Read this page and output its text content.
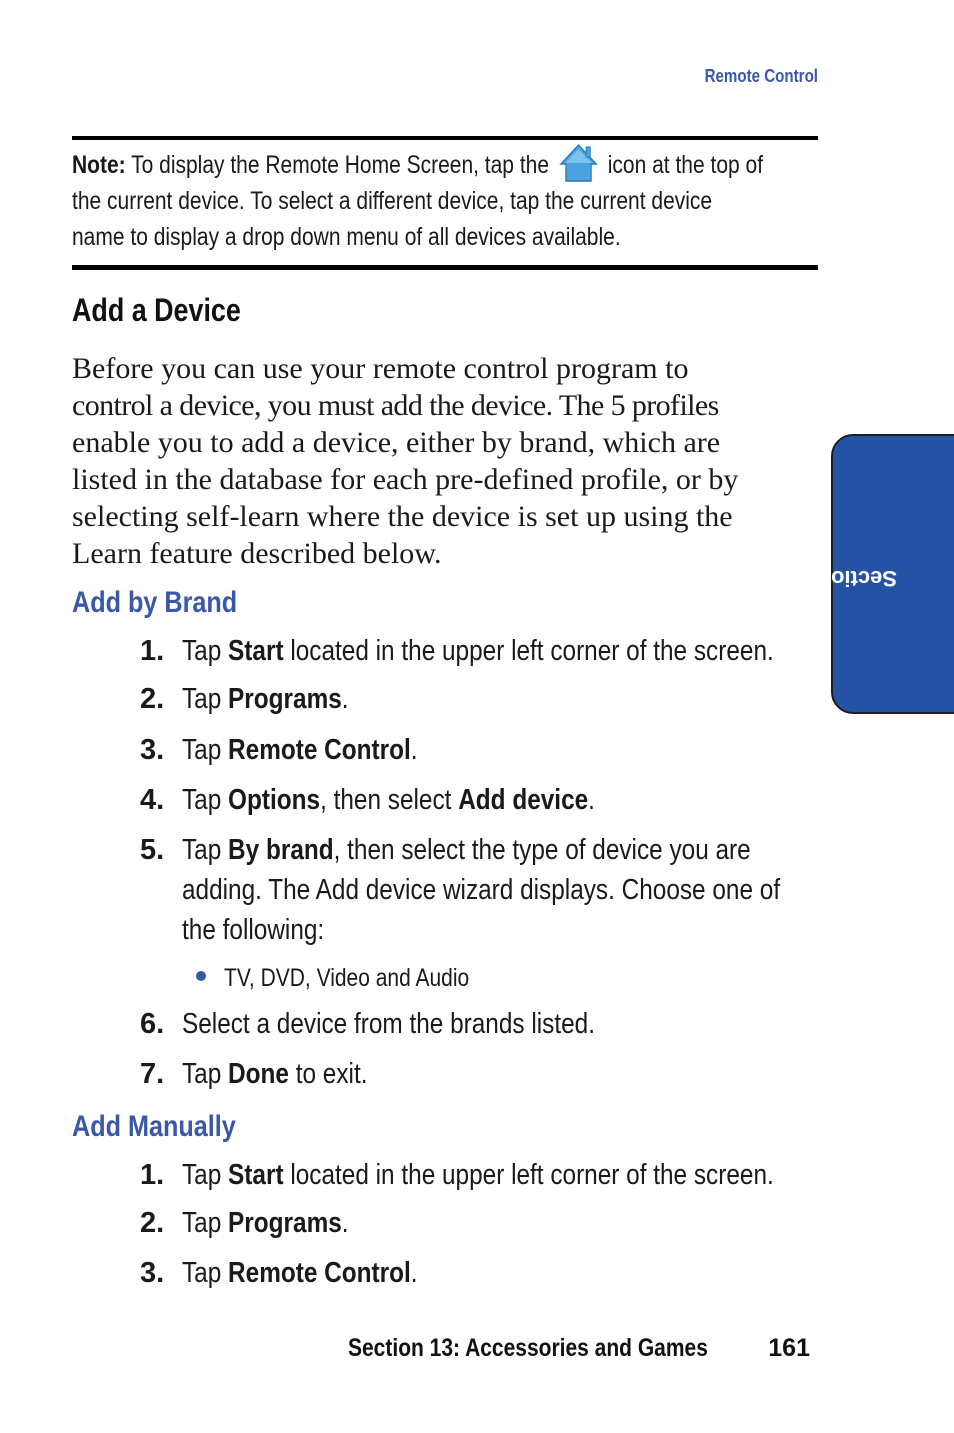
Remote Control
Note: To display the Remote Home Screen, tap the icon at the top of
the current device. To select a different device, tap the current device
name to display a drop down menu of all devices available.
Add a Device
Before you can use your remote control program to
control a device, you must add the device. The 5 profiles
enable you to add a device, either by brand, which are
listed in the database for each pre-defined profile, or by
selecting self-learn where the device is set up using the
Learn feature described below.
Add by Brand
1. Tap Start located in the upper left corner of the screen.
2. Tap Programs.
3. Tap Remote Control.
4. Tap Options, then select Add device.
5. Tap By brand, then select the type of device you are
adding. The Add device wizard displays. Choose one of
the following:
TV, DVD, Video and Audio
6. Select a device from the brands listed.
7. Tap Done to exit.
Add Manually
1. Tap Start located in the upper left corner of the screen.
2. Tap Programs.
3. Tap Remote Control.
Section 13
Section 13: Accessories and Games	161
